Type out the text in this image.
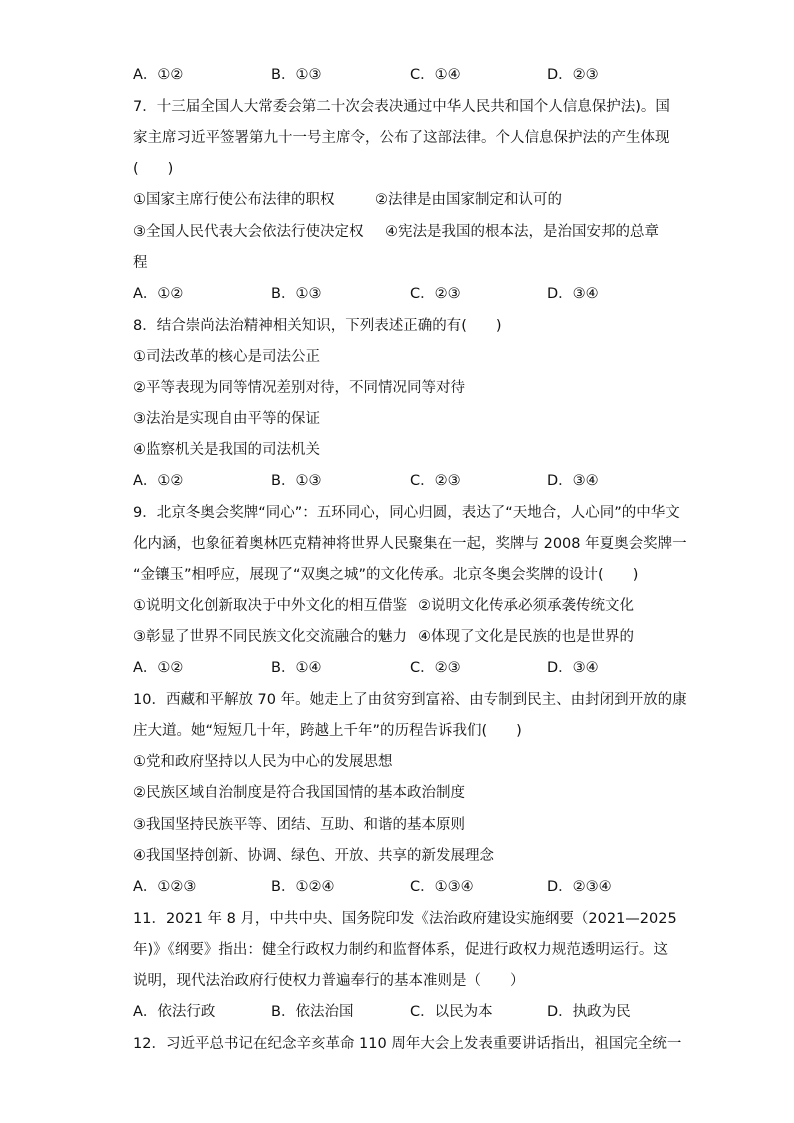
A．①②	B．①③	C．①④	D．②③
7．十三届全国人大常委会第二十次会表决通过中华人民共和国个人信息保护法)。国
家主席习近平签署第九十一号主席令，公布了这部法律。个人信息保护法的产生体现
(　　)
①国家主席行使公布法律的职权	②法律是由国家制定和认可的
③全国人民代表大会依法行使决定权 ④宪法是我国的根本法，是治国安邦的总章
程
A．①②	B．①③	C．②③	D．③④
8．结合崇尚法治精神相关知识，下列表述正确的有(　　)
①司法改革的核心是司法公正
②平等表现为同等情况差别对待，不同情况同等对待
③法治是实现自由平等的保证
④监察机关是我国的司法机关
A．①②	B．①③	C．②③	D．③④
9．北京冬奥会奖牌“同心”：五环同心，同心归圆，表达了“天地合，人心同”的中华文
化内涵，也象征着奥林匹克精神将世界人民聚集在一起，奖牌与 2008 年夏奥会奖牌一
“金镶玉”相呼应，展现了“双奥之城”的文化传承。北京冬奥会奖牌的设计(　　)
①说明文化创新取决于中外文化的相互借鉴 ②说明文化传承必须承袭传统文化
③彰显了世界不同民族文化交流融合的魅力 ④体现了文化是民族的也是世界的
A．①②	B．①④	C．②③	D．③④
10．西藏和平解放 70 年。她走上了由贫穷到富裕、由专制到民主、由封闭到开放的康
庄大道。她“短短几十年，跨越上千年”的历程告诉我们(　　)
①党和政府坚持以人民为中心的发展思想
②民族区域自治制度是符合我国国情的基本政治制度
③我国坚持民族平等、团结、互助、和谐的基本原则
④我国坚持创新、协调、绿色、开放、共享的新发展理念
A．①②③	B．①②④	C．①③④	D．②③④
11．2021 年 8 月，中共中央、国务院印发《法治政府建设实施纲要（2021—2025
年)》《纲要》指出：健全行政权力制约和监督体系，促进行政权力规范透明运行。这
说明，现代法治政府行使权力普遍奉行的基本准则是（　　）
A．依法行政	B．依法治国	C．以民为本	D．执政为民
12．习近平总书记在纪念辛亥革命 110 周年大会上发表重要讲话指出，祖国完全统一
